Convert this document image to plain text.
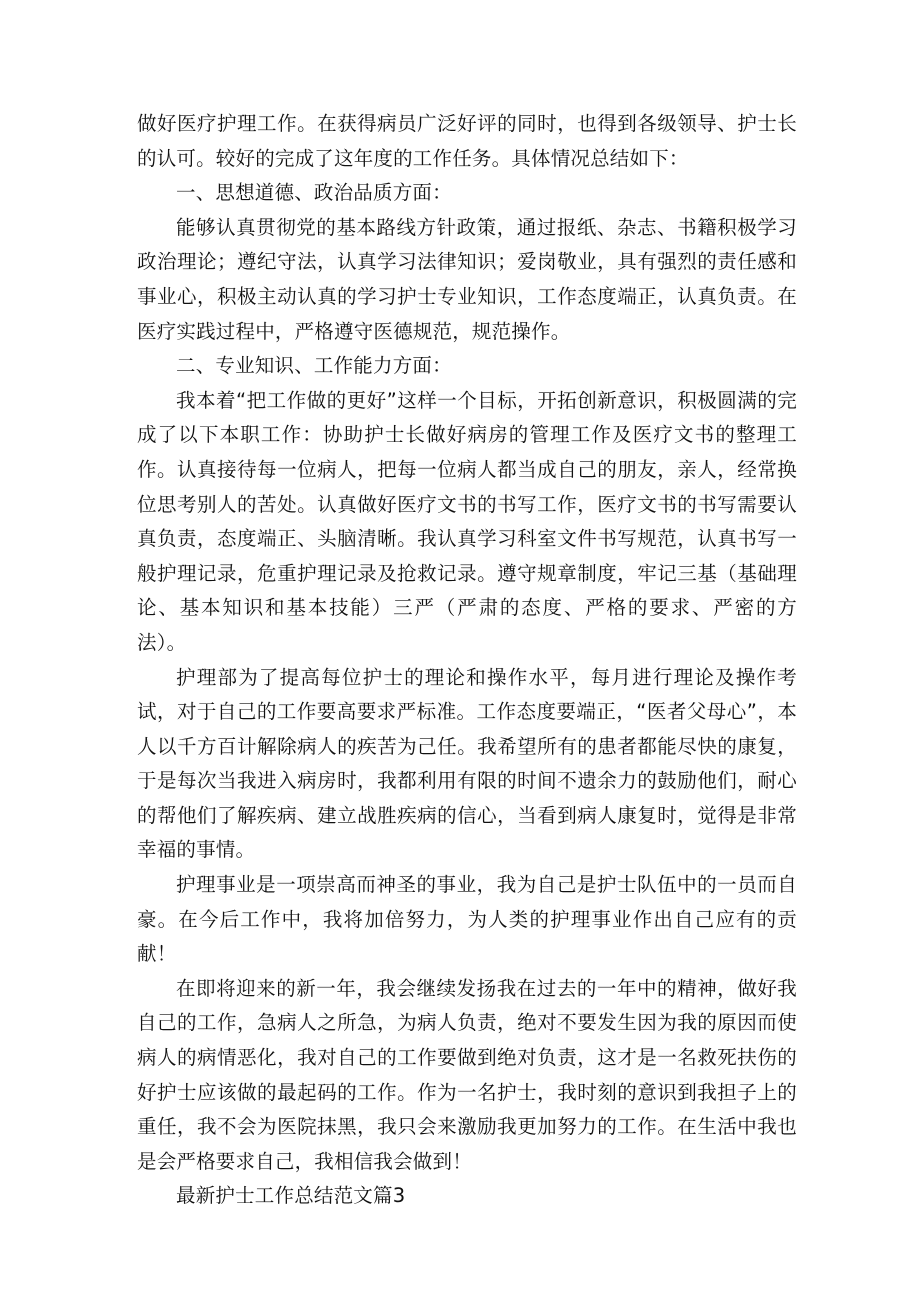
做好医疗护理工作。在获得病员广泛好评的同时，也得到各级领导、护士长的认可。较好的完成了这年度的工作任务。具体情况总结如下：

一、思想道德、政治品质方面：

能够认真贯彻党的基本路线方针政策，通过报纸、杂志、书籍积极学习政治理论；遵纪守法，认真学习法律知识；爱岗敬业，具有强烈的责任感和事业心，积极主动认真的学习护士专业知识，工作态度端正，认真负责。在医疗实践过程中，严格遵守医德规范，规范操作。

二、专业知识、工作能力方面：

我本着“把工作做的更好”这样一个目标，开拓创新意识，积极圆满的完成了以下本职工作：协助护士长做好病房的管理工作及医疗文书的整理工作。认真接待每一位病人，把每一位病人都当成自己的朋友，亲人，经常换位思考别人的苦处。认真做好医疗文书的书写工作，医疗文书的书写需要认真负责，态度端正、头脑清晰。我认真学习科室文件书写规范，认真书写一般护理记录，危重护理记录及抢救记录。遵守规章制度，牢记三基（基础理论、基本知识和基本技能）三严（严肃的态度、严格的要求、严密的方法）。

护理部为了提高每位护士的理论和操作水平，每月进行理论及操作考试，对于自己的工作要高要求严标准。工作态度要端正，“医者父母心”，本人以千方百计解除病人的疾苦为己任。我希望所有的患者都能尽快的康复，于是每次当我进入病房时，我都利用有限的时间不遗余力的鼓励他们，耐心的帮他们了解疾病、建立战胜疾病的信心，当看到病人康复时，觉得是非常幸福的事情。

护理事业是一项崇高而神圣的事业，我为自己是护士队伍中的一员而自豪。在今后工作中，我将加倍努力，为人类的护理事业作出自己应有的贡献！

在即将迎来的新一年，我会继续发扬我在过去的一年中的精神，做好我自己的工作，急病人之所急，为病人负责，绝对不要发生因为我的原因而使病人的病情恶化，我对自己的工作要做到绝对负责，这才是一名救死扶伤的好护士应该做的最起码的工作。作为一名护士，我时刻的意识到我担子上的重任，我不会为医院抹黑，我只会来激励我更加努力的工作。在生活中我也是会严格要求自己，我相信我会做到！

最新护士工作总结范文篇3
